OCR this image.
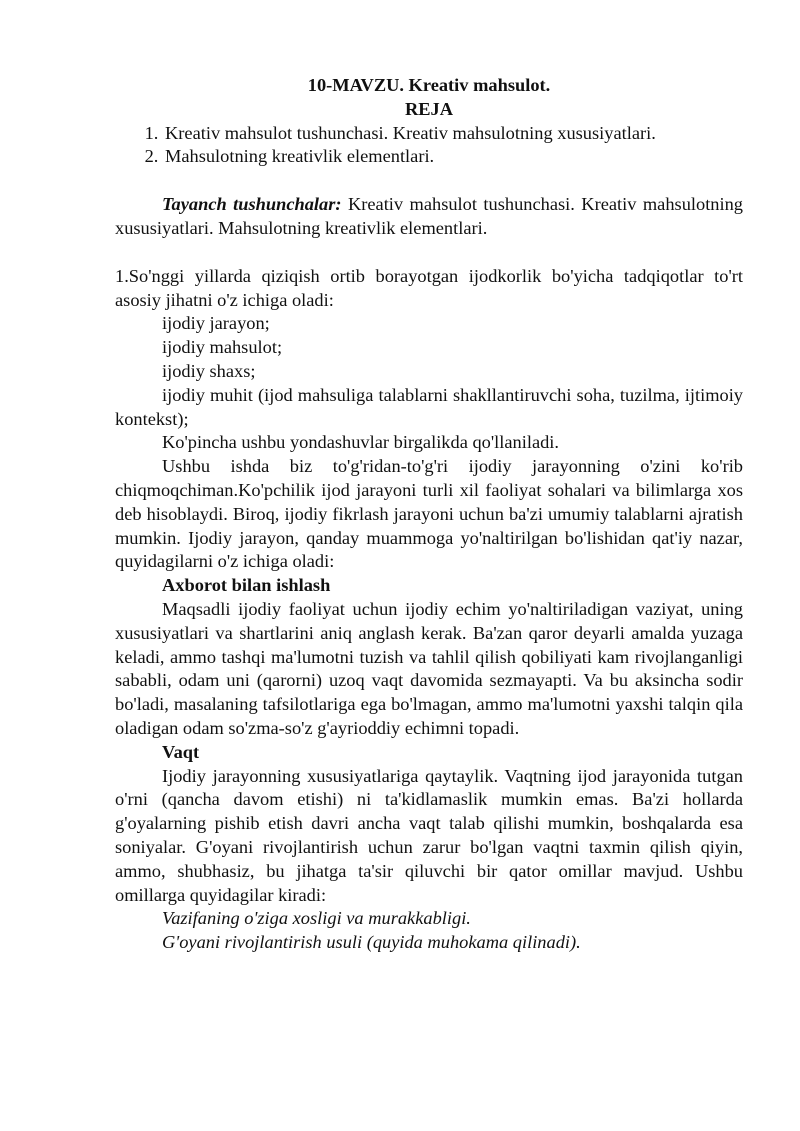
10-MAVZU. Kreativ mahsulot.
REJA
1. Kreativ mahsulot tushunchasi. Kreativ mahsulotning xususiyatlari.
2. Mahsulotning kreativlik elementlari.

Tayanch tushunchalar: Kreativ mahsulot tushunchasi. Kreativ mahsulotning xususiyatlari. Mahsulotning kreativlik elementlari.

1.So'nggi yillarda qiziqish ortib borayotgan ijodkorlik bo'yicha tadqiqotlar to'rt asosiy jihatni o'z ichiga oladi:

ijodiy jarayon;
ijodiy mahsulot;
ijodiy shaxs;

ijodiy muhit (ijod mahsuliga talablarni shakllantiruvchi soha, tuzilma, ijtimoiy kontekst);

Ko'pincha ushbu yondashuvlar birgalikda qo'llaniladi.

Ushbu ishda biz to'g'ridan-to'g'ri ijodiy jarayonning o'zini ko'rib chiqmoqchiman.Ko'pchilik ijod jarayoni turli xil faoliyat sohalari va bilimlarga xos deb hisoblaydi. Biroq, ijodiy fikrlash jarayoni uchun ba'zi umumiy talablarni ajratish mumkin. Ijodiy jarayon, qanday muammoga yo'naltirilgan bo'lishidan qat'iy nazar, quyidagilarni o'z ichiga oladi:

Axborot bilan ishlash

Maqsadli ijodiy faoliyat uchun ijodiy echim yo'naltiriladigan vaziyat, uning xususiyatlari va shartlarini aniq anglash kerak. Ba'zan qaror deyarli amalda yuzaga keladi, ammo tashqi ma'lumotni tuzish va tahlil qilish qobiliyati kam rivojlanganligi sababli, odam uni (qarorni) uzoq vaqt davomida sezmayapti. Va bu aksincha sodir bo'ladi, masalaning tafsilotlariga ega bo'lmagan, ammo ma'lumotni yaxshi talqin qila oladigan odam so'zma-so'z g'ayrioddiy echimni topadi.

Vaqt

Ijodiy jarayonning xususiyatlariga qaytaylik. Vaqtning ijod jarayonida tutgan o'rni (qancha davom etishi) ni ta'kidlamaslik mumkin emas. Ba'zi hollarda g'oyalarning pishib etish davri ancha vaqt talab qilishi mumkin, boshqalarda esa soniyalar. G'oyani rivojlantirish uchun zarur bo'lgan vaqtni taxmin qilish qiyin, ammo, shubhasiz, bu jihatga ta'sir qiluvchi bir qator omillar mavjud. Ushbu omillarga quyidagilar kiradi:

Vazifaning o'ziga xosligi va murakkabligi.
G'oyani rivojlantirish usuli (quyida muhokama qilinadi).
